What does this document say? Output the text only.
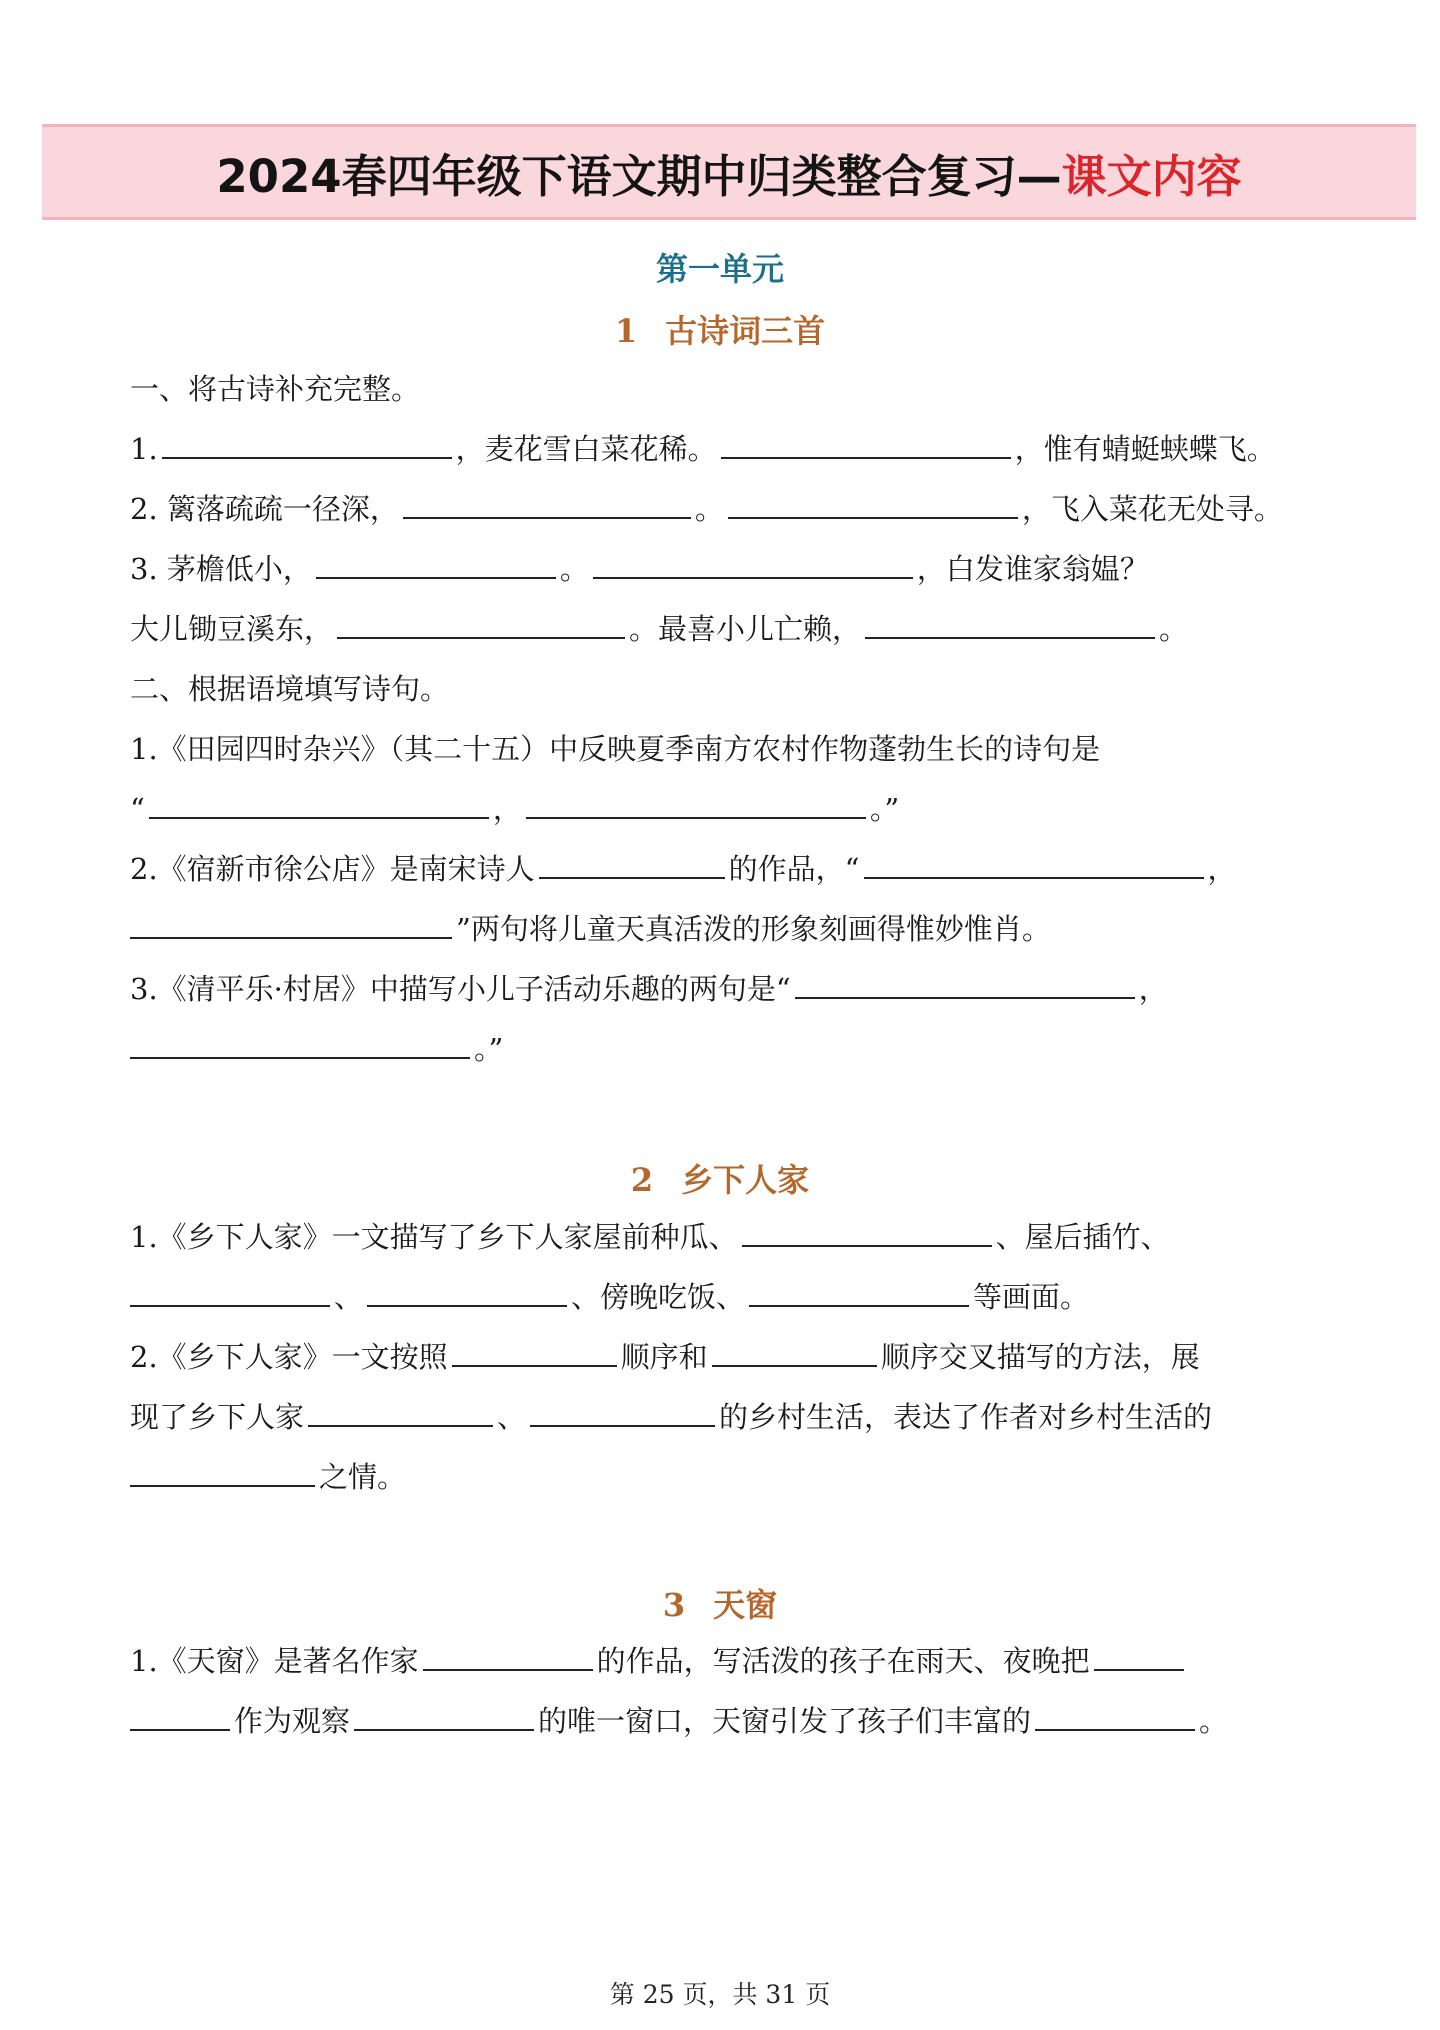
2024春四年级下语文期中归类整合复习—课文内容
第一单元
1 古诗词三首
一、将古诗补充完整。
1.	，麦花雪白菜花稀。	，惟有蜻蜓蛱蝶飞。
2. 篱落疏疏一径深，	。	，飞入菜花无处寻。
3. 茅檐低小，	。	，白发谁家翁媪？
大儿锄豆溪东，	。最喜小儿亡赖，	。
二、根据语境填写诗句。
1.《田园四时杂兴》（其二十五）中反映夏季南方农村作物蓬勃生长的诗句是
“	，	。”
2.《宿新市徐公店》是南宋诗人	的作品，“	，
”两句将儿童天真活泼的形象刻画得惟妙惟肖。
3.《清平乐·村居》中描写小儿子活动乐趣的两句是“	，
。”
2 乡下人家
1.《乡下人家》一文描写了乡下人家屋前种瓜、	、屋后插竹、
、	、傍晚吃饭、	等画面。
2.《乡下人家》一文按照	顺序和	顺序交叉描写的方法，展
现了乡下人家	、	的乡村生活，表达了作者对乡村生活的
之情。
3 天窗
1.《天窗》是著名作家	的作品，写活泼的孩子在雨天、夜晚把
作为观察	的唯一窗口，天窗引发了孩子们丰富的	。
第 25 页，共 31 页
